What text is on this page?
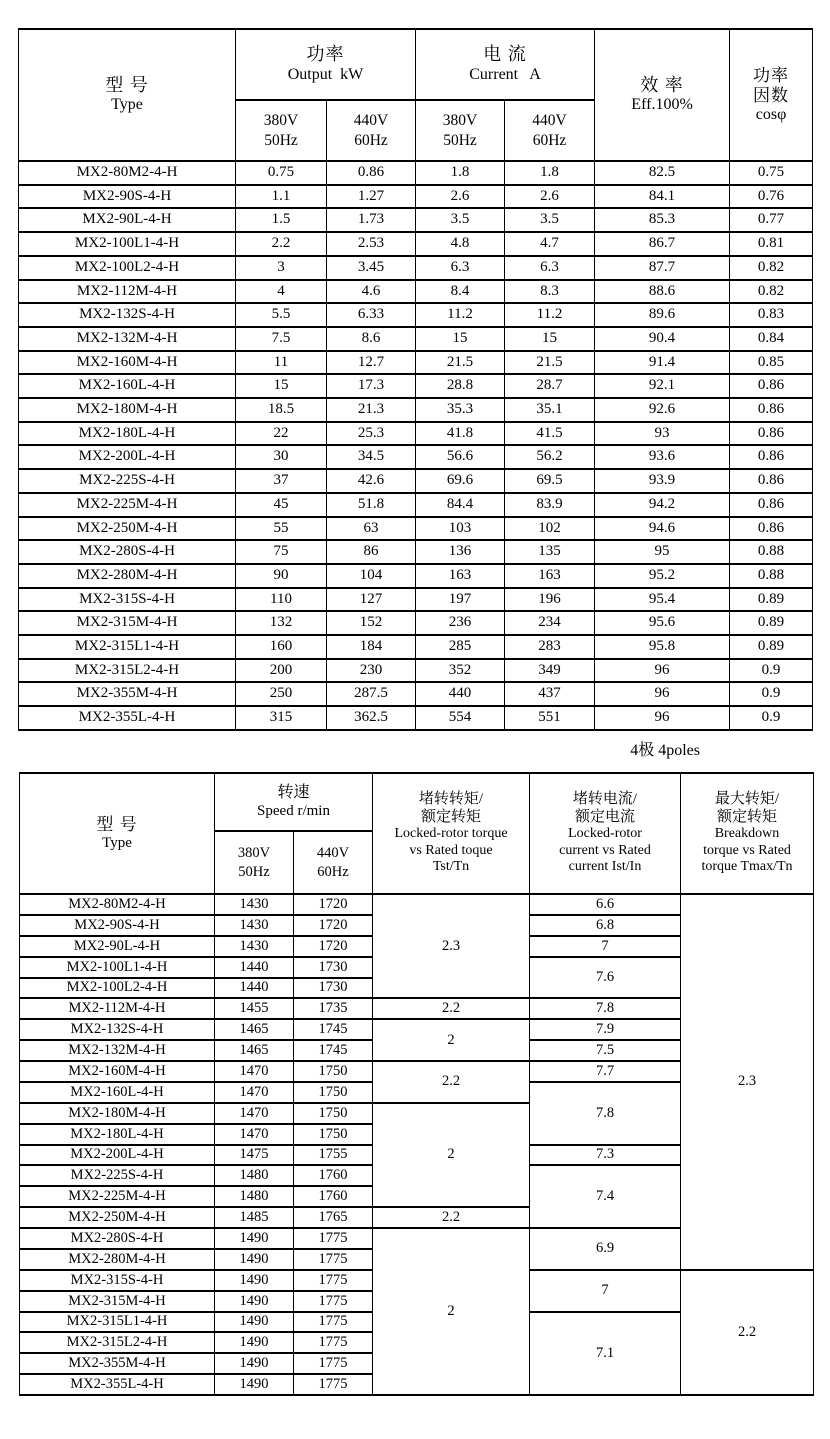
型 号
Type

功率
Output  kW

电 流
Current   A

效 率
Eff.100%

功率
因数
cosφ

380V
50Hz

440V
60Hz

380V
50Hz

440V
60Hz

MX2-80M2-4-H	0.75	0.86	1.8	1.8	82.5	0.75
MX2-90S-4-H	1.1	1.27	2.6	2.6	84.1	0.76
MX2-90L-4-H	1.5	1.73	3.5	3.5	85.3	0.77
MX2-100L1-4-H	2.2	2.53	4.8	4.7	86.7	0.81
MX2-100L2-4-H	3	3.45	6.3	6.3	87.7	0.82
MX2-112M-4-H	4	4.6	8.4	8.3	88.6	0.82
MX2-132S-4-H	5.5	6.33	11.2	11.2	89.6	0.83
MX2-132M-4-H	7.5	8.6	15	15	90.4	0.84
MX2-160M-4-H	11	12.7	21.5	21.5	91.4	0.85
MX2-160L-4-H	15	17.3	28.8	28.7	92.1	0.86
MX2-180M-4-H	18.5	21.3	35.3	35.1	92.6	0.86
MX2-180L-4-H	22	25.3	41.8	41.5	93	0.86
MX2-200L-4-H	30	34.5	56.6	56.2	93.6	0.86
MX2-225S-4-H	37	42.6	69.6	69.5	93.9	0.86
MX2-225M-4-H	45	51.8	84.4	83.9	94.2	0.86
MX2-250M-4-H	55	63	103	102	94.6	0.86
MX2-280S-4-H	75	86	136	135	95	0.88
MX2-280M-4-H	90	104	163	163	95.2	0.88
MX2-315S-4-H	110	127	197	196	95.4	0.89
MX2-315M-4-H	132	152	236	234	95.6	0.89
MX2-315L1-4-H	160	184	285	283	95.8	0.89
MX2-315L2-4-H	200	230	352	349	96	0.9
MX2-355M-4-H	250	287.5	440	437	96	0.9
MX2-355L-4-H	315	362.5	554	551	96	0.9
4极 4poles
型 号
Type

转速
Speed r/min

堵转转矩/
额定转矩
Locked-rotor torque
vs Rated toque
Tst/Tn

堵转电流/
额定电流
Locked-rotor
current vs Rated
current Ist/In

最大转矩/
额定转矩
Breakdown
torque vs Rated
torque Tmax/Tn

380V
50Hz

440V
60Hz

MX2-80M2-4-H	1430	1720	2.3	6.6	2.3
MX2-90S-4-H	1430	1720		6.8	
MX2-90L-4-H	1430	1720		7	
MX2-100L1-4-H	1440	1730		7.6	
MX2-100L2-4-H	1440	1730			
MX2-112M-4-H	1455	1735	2.2	7.8	
MX2-132S-4-H	1465	1745	2	7.9	
MX2-132M-4-H	1465	1745		7.5	
MX2-160M-4-H	1470	1750	2.2	7.7	
MX2-160L-4-H	1470	1750		7.8	
MX2-180M-4-H	1470	1750	2		
MX2-180L-4-H	1470	1750			
MX2-200L-4-H	1475	1755		7.3	
MX2-225S-4-H	1480	1760		7.4	
MX2-225M-4-H	1480	1760			
MX2-250M-4-H	1485	1765	2.2		
MX2-280S-4-H	1490	1775	2	6.9	
MX2-280M-4-H	1490	1775			
MX2-315S-4-H	1490	1775		7	2.2
MX2-315M-4-H	1490	1775			
MX2-315L1-4-H	1490	1775		7.1	
MX2-315L2-4-H	1490	1775			
MX2-355M-4-H	1490	1775			
MX2-355L-4-H	1490	1775			
